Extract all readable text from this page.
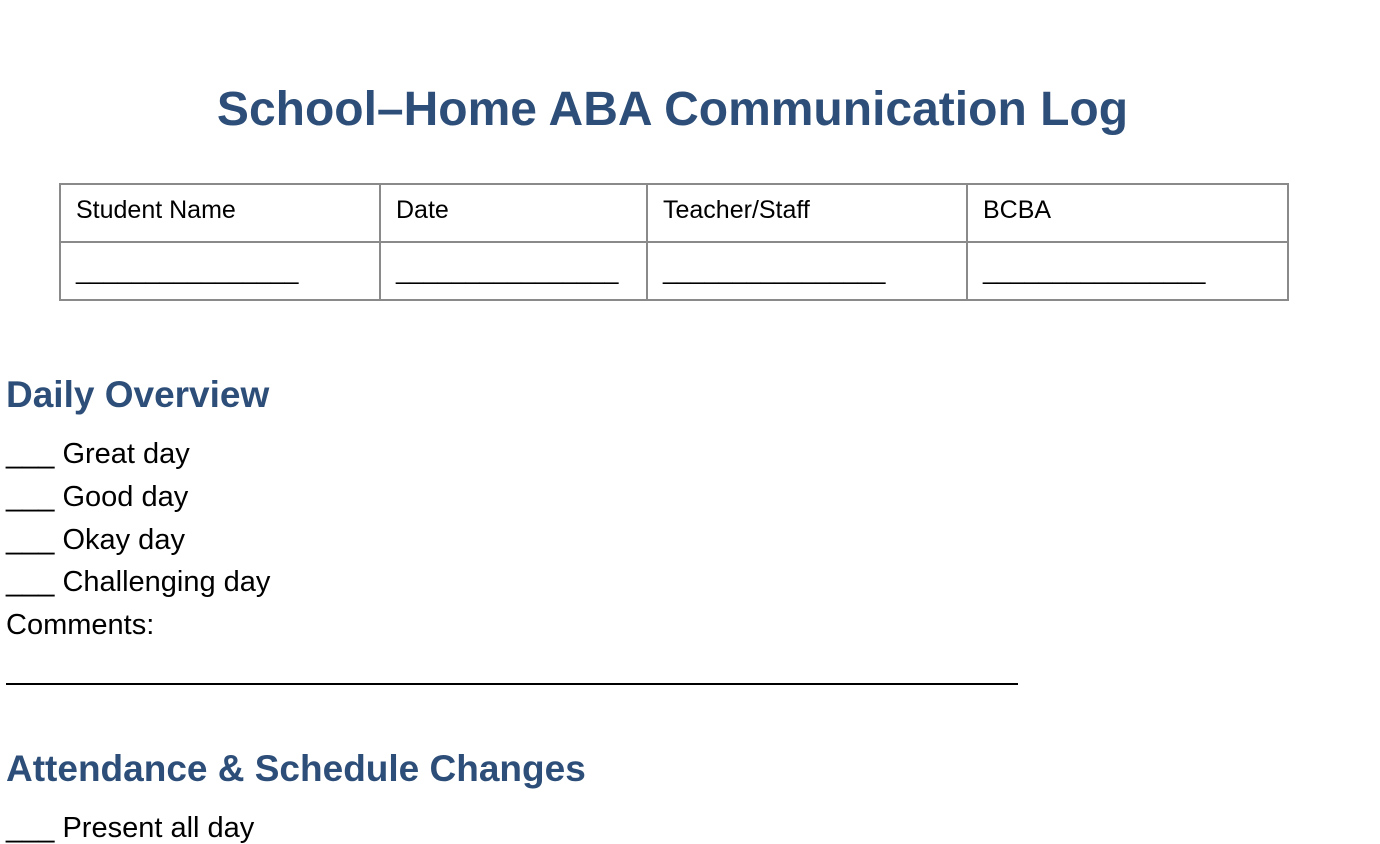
School–Home ABA Communication Log
Student Name	Date	Teacher/Staff	BCBA
________________	________________	________________	________________
Daily Overview

___ Great day

___ Good day

___ Okay day

___ Challenging day

Comments:

Attendance & Schedule Changes

___ Present all day
